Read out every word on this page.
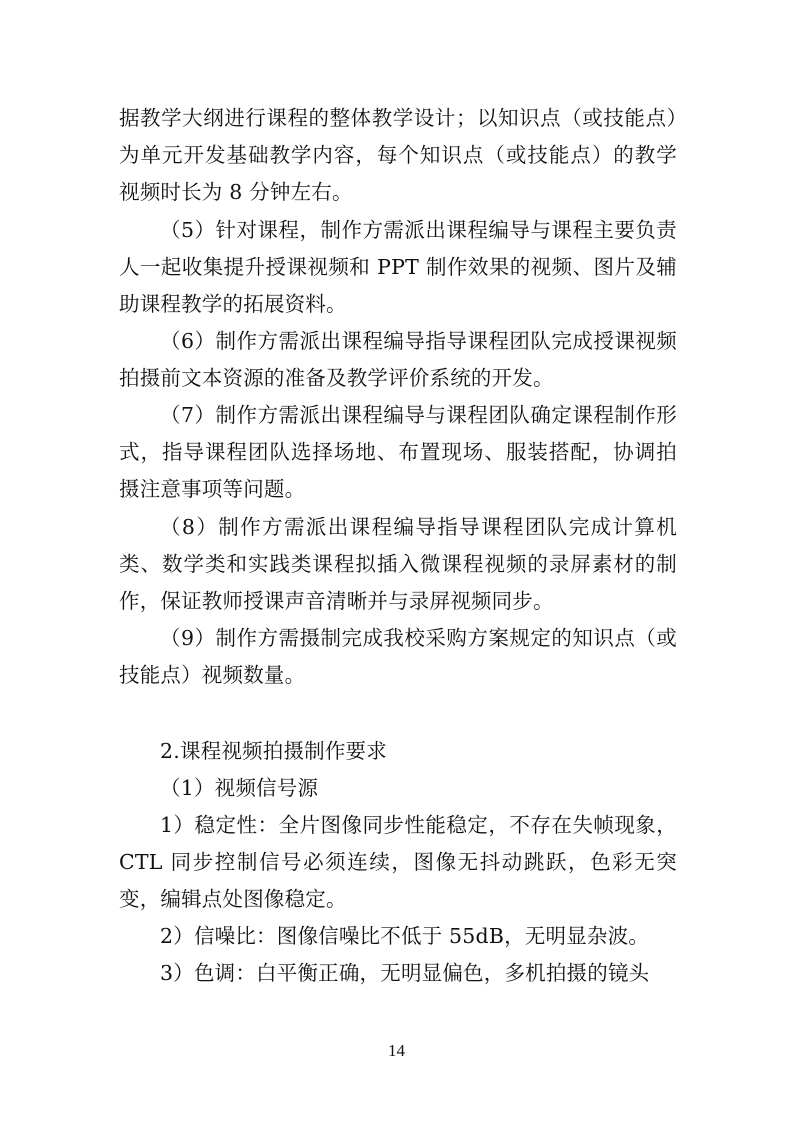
据教学大纲进行课程的整体教学设计；以知识点（或技能点）为单元开发基础教学内容，每个知识点（或技能点）的教学视频时长为 8 分钟左右。

（5）针对课程，制作方需派出课程编导与课程主要负责人一起收集提升授课视频和 PPT 制作效果的视频、图片及辅助课程教学的拓展资料。

（6）制作方需派出课程编导指导课程团队完成授课视频拍摄前文本资源的准备及教学评价系统的开发。

（7）制作方需派出课程编导与课程团队确定课程制作形式，指导课程团队选择场地、布置现场、服装搭配，协调拍摄注意事项等问题。

（8）制作方需派出课程编导指导课程团队完成计算机类、数学类和实践类课程拟插入微课程视频的录屏素材的制作，保证教师授课声音清晰并与录屏视频同步。

（9）制作方需摄制完成我校采购方案规定的知识点（或技能点）视频数量。

2.课程视频拍摄制作要求

（1）视频信号源

1）稳定性：全片图像同步性能稳定，不存在失帧现象，CTL 同步控制信号必须连续，图像无抖动跳跃，色彩无突变，编辑点处图像稳定。

2）信噪比：图像信噪比不低于 55dB，无明显杂波。

3）色调：白平衡正确，无明显偏色，多机拍摄的镜头

14
